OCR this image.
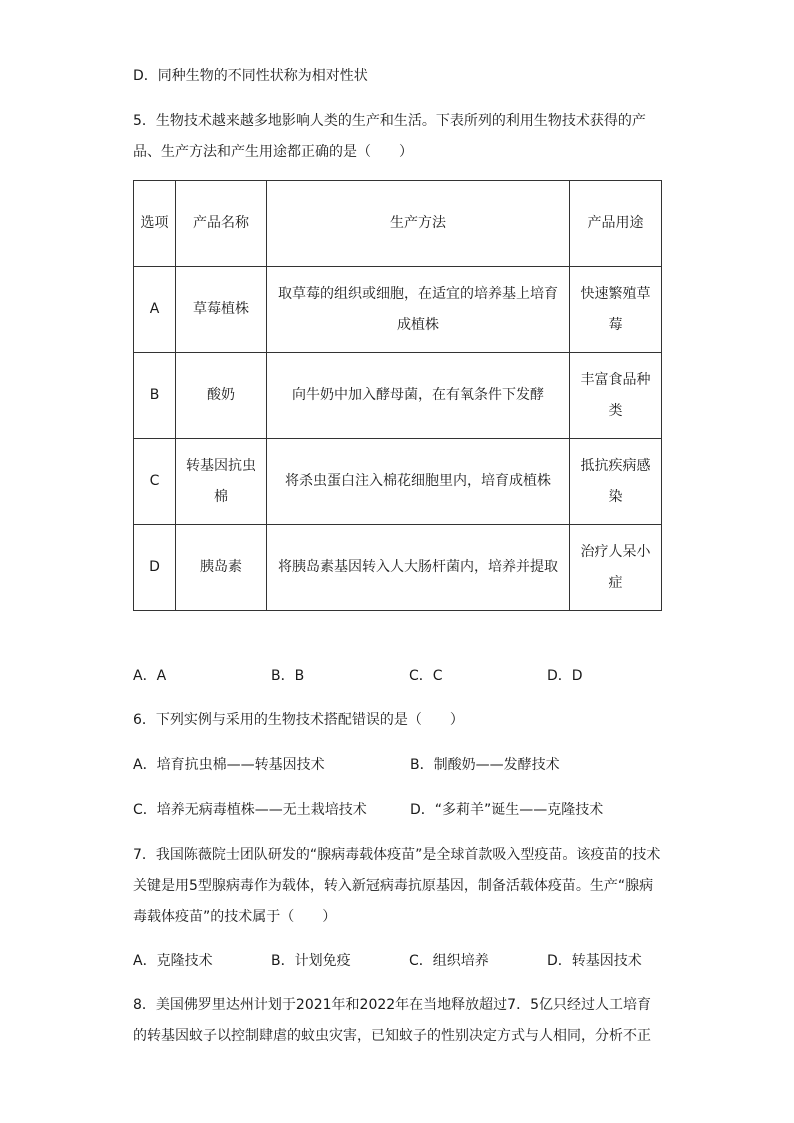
D．同种生物的不同性状称为相对性状
5．生物技术越来越多地影响人类的生产和生活。下表所列的利用生物技术获得的产品、生产方法和产生用途都正确的是（　　）
选项	产品名称	生产方法	产品用途
A	草莓植株	取草莓的组织或细胞，在适宜的培养基上培育成植株	快速繁殖草莓
B	酸奶	向牛奶中加入酵母菌，在有氧条件下发酵	丰富食品种类
C	转基因抗虫棉	将杀虫蛋白注入棉花细胞里内，培育成植株	抵抗疾病感染
D	胰岛素	将胰岛素基因转入人大肠杆菌内，培养并提取	治疗人呆小症
A．A	B．B	C．C	D．D
6．下列实例与采用的生物技术搭配错误的是（　　）
A．培育抗虫棉——转基因技术	B．制酸奶——发酵技术
C．培养无病毒植株——无土栽培技术	D．“多莉羊”诞生——克隆技术
7．我国陈薇院士团队研发的“腺病毒载体疫苗”是全球首款吸入型疫苗。该疫苗的技术关键是用5型腺病毒作为载体，转入新冠病毒抗原基因，制备活载体疫苗。生产“腺病毒载体疫苗”的技术属于（　　）
A．克隆技术	B．计划免疫	C．组织培养	D．转基因技术
8．美国佛罗里达州计划于2021年和2022年在当地释放超过7．5亿只经过人工培育的转基因蚊子以控制肆虐的蚊虫灾害，已知蚊子的性别决定方式与人相同，分析不正
